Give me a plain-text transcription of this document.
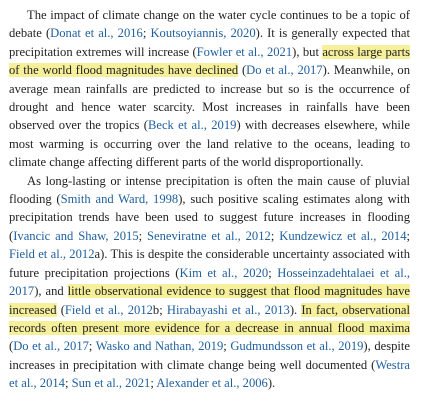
The impact of climate change on the water cycle continues to be a topic of debate (Donat et al., 2016; Koutsoyiannis, 2020). It is generally expected that precipitation extremes will increase (Fowler et al., 2021), but across large parts of the world flood magnitudes have declined (Do et al., 2017). Meanwhile, on average mean rainfalls are predicted to increase but so is the occurrence of drought and hence water scarcity. Most increases in rainfalls have been observed over the tropics (Beck et al., 2019) with decreases elsewhere, while most warming is occurring over the land relative to the oceans, leading to climate change affecting different parts of the world disproportionally.

As long-lasting or intense precipitation is often the main cause of pluvial flooding (Smith and Ward, 1998), such positive scaling estimates along with precipitation trends have been used to suggest future increases in flooding (Ivancic and Shaw, 2015; Seneviratne et al., 2012; Kundzewicz et al., 2014; Field et al., 2012a). This is despite the considerable uncertainty associated with future precipitation projections (Kim et al., 2020; Hosseinzadehtalaei et al., 2017), and little observational evidence to suggest that flood magnitudes have increased (Field et al., 2012b; Hirabayashi et al., 2013). In fact, observational records often present more evidence for a decrease in annual flood maxima (Do et al., 2017; Wasko and Nathan, 2019; Gudmundsson et al., 2019), despite increases in precipitation with climate change being well documented (Westra et al., 2014; Sun et al., 2021; Alexander et al., 2006).
